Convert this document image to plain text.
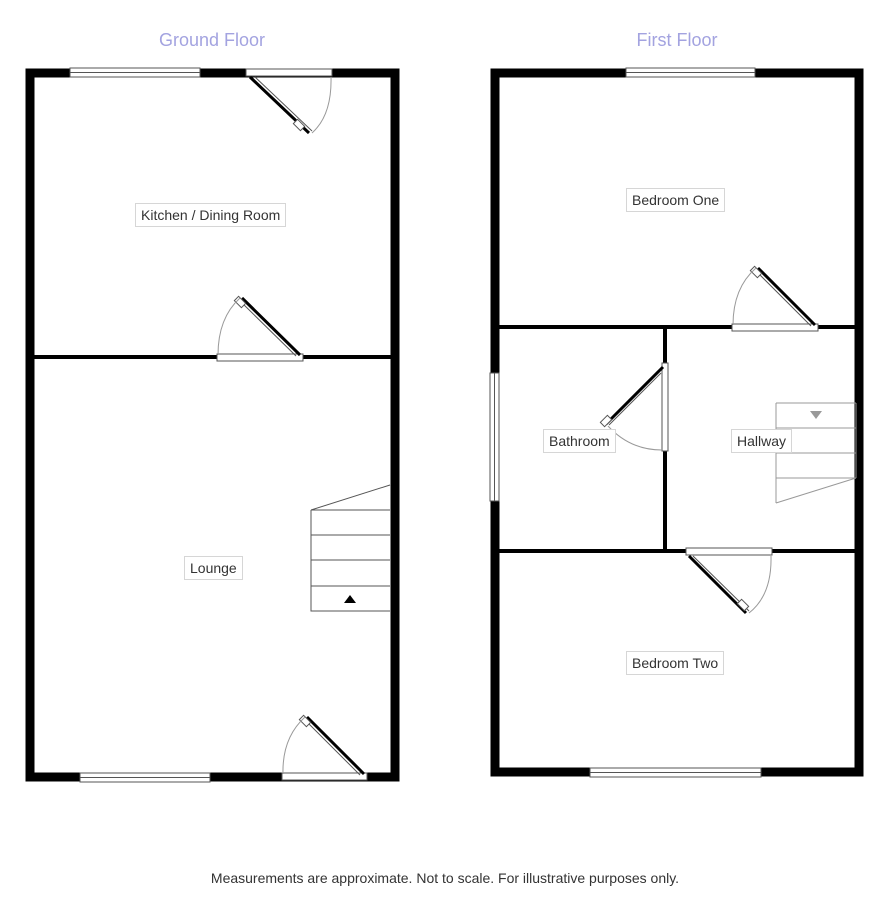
Ground Floor	First Floor
Kitchen / Dining Room
Lounge
Bedroom One
Bathroom	Hallway
Bedroom Two
Measurements are approximate. Not to scale. For illustrative purposes only.
